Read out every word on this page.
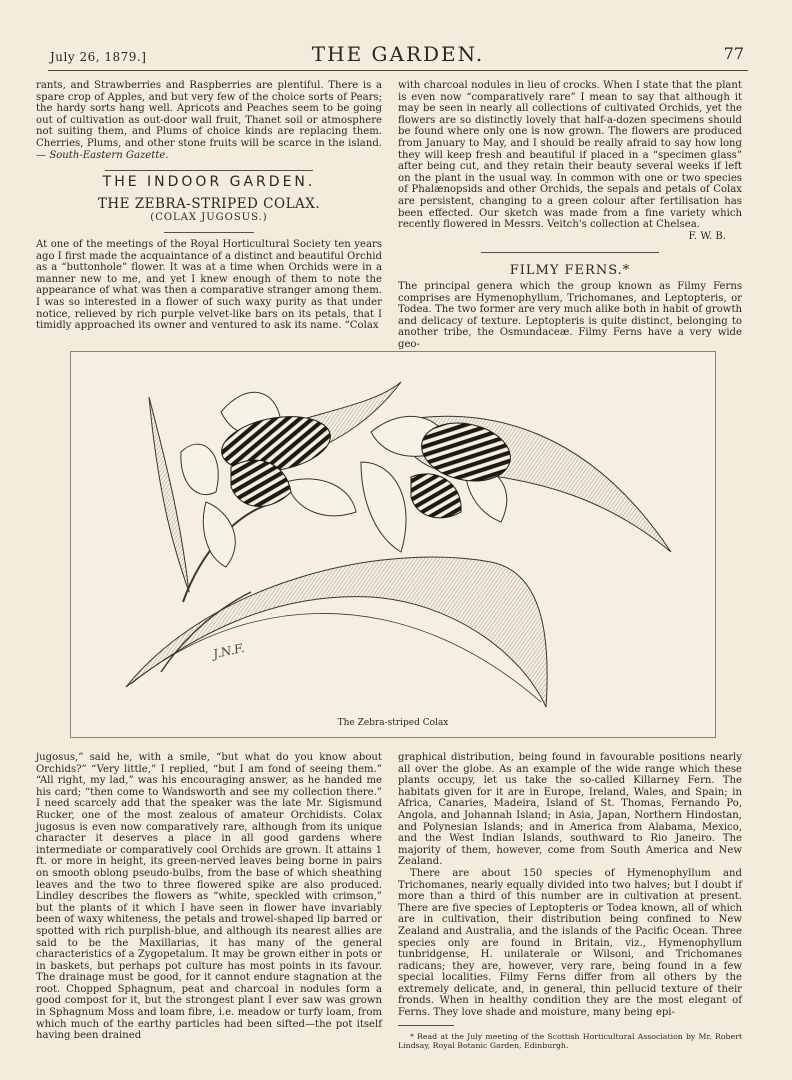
July 26, 1879.]	THE GARDEN.	77

rants, and Strawberries and Raspberries are plentiful. There is a spare crop of Apples, and but very few of the choice sorts of Pears; the hardy sorts hang well. Apricots and Peaches seem to be going out of cultivation as out-door wall fruit, Thanet soil or atmosphere not suiting them, and Plums of choice kinds are replacing them. Cherries, Plums, and other stone fruits will be scarce in the island.— South-Eastern Gazette.

THE INDOOR GARDEN.
THE ZEBRA-STRIPED COLAX.
(COLAX JUGOSUS.)

At one of the meetings of the Royal Horticultural Society ten years ago I first made the acquaintance of a distinct and beautiful Orchid as a “buttonhole” flower. It was at a time when Orchids were in a manner new to me, and yet I knew enough of them to note the appearance of what was then a comparative stranger among them. I was so interested in a flower of such waxy purity as that under notice, relieved by rich purple velvet-like bars on its petals, that I timidly approached its owner and ventured to ask its name. “Colax

with charcoal nodules in lieu of crocks. When I state that the plant is even now “comparatively rare” I mean to say that although it may be seen in nearly all collections of cultivated Orchids, yet the flowers are so distinctly lovely that half-a-dozen specimens should be found where only one is now grown. The flowers are produced from January to May, and I should be really afraid to say how long they will keep fresh and beautiful if placed in a “specimen glass” after being cut, and they retain their beauty several weeks if left on the plant in the usual way. In common with one or two species of Phalænopsids and other Orchids, the sepals and petals of Colax are persistent, changing to a green colour after fertilisation has been effected. Our sketch was made from a fine variety which recently flowered in Messrs. Veitch's collection at Chelsea.

F. W. B.
FILMY FERNS.*

The principal genera which the group known as Filmy Ferns comprises are Hymenophyllum, Trichomanes, and Leptopteris, or Todea. The two former are very much alike both in habit of growth and delicacy of texture. Leptopteris is quite distinct, belonging to another tribe, the Osmundaceæ. Filmy Ferns have a very wide geo-

J.N.F.
The Zebra-striped Colax

jugosus,” said he, with a smile, “but what do you know about Orchids?” “Very little,” I replied, “but I am fond of seeing them.” “All right, my lad,” was his encouraging answer, as he handed me his card; “then come to Wandsworth and see my collection there.” I need scarcely add that the speaker was the late Mr. Sigismund Rucker, one of the most zealous of amateur Orchidists. Colax jugosus is even now comparatively rare, although from its unique character it deserves a place in all good gardens where intermediate or comparatively cool Orchids are grown. It attains 1 ft. or more in height, its green-nerved leaves being borne in pairs on smooth oblong pseudo-bulbs, from the base of which sheathing leaves and the two to three flowered spike are also produced. Lindley describes the flowers as “white, speckled with crimson,” but the plants of it which I have seen in flower have invariably been of waxy whiteness, the petals and trowel-shaped lip barred or spotted with rich purplish-blue, and although its nearest allies are said to be the Maxillarias, it has many of the general characteristics of a Zygopetalum. It may be grown either in pots or in baskets, but perhaps pot culture has most points in its favour. The drainage must be good, for it cannot endure stagnation at the root. Chopped Sphagnum, peat and charcoal in nodules form a good compost for it, but the strongest plant I ever saw was grown in Sphagnum Moss and loam fibre, i.e. meadow or turfy loam, from which much of the earthy particles had been sifted—the pot itself having been drained

graphical distribution, being found in favourable positions nearly all over the globe. As an example of the wide range which these plants occupy, let us take the so-called Killarney Fern. The habitats given for it are in Europe, Ireland, Wales, and Spain; in Africa, Canaries, Madeira, Island of St. Thomas, Fernando Po, Angola, and Johannah Island; in Asia, Japan, Northern Hindostan, and Polynesian Islands; and in America from Alabama, Mexico, and the West Indian Islands, southward to Rio Janeiro. The majority of them, however, come from South America and New Zealand.

There are about 150 species of Hymenophyllum and Trichomanes, nearly equally divided into two halves; but I doubt if more than a third of this number are in cultivation at present. There are five species of Leptopteris or Todea known, all of which are in cultivation, their distribution being confined to New Zealand and Australia, and the islands of the Pacific Ocean. Three species only are found in Britain, viz., Hymenophyllum tunbridgense, H. unilaterale or Wilsoni, and Trichomanes radicans; they are, however, very rare, being found in a few special localities. Filmy Ferns differ from all others by the extremely delicate, and, in general, thin pellucid texture of their fronds. When in healthy condition they are the most elegant of Ferns. They love shade and moisture, many being epi-

* Read at the July meeting of the Scottish Horticultural Association by Mr. Robert Lindsay, Royal Botanic Garden, Edinburgh.
